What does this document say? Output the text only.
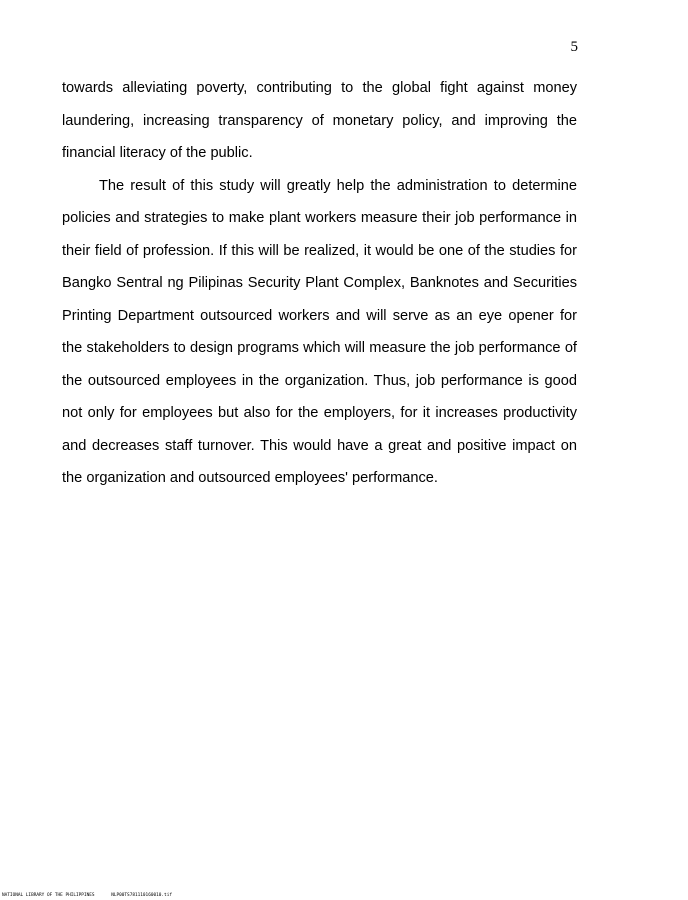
5

towards alleviating poverty, contributing to the global fight against money laundering, increasing transparency of monetary policy, and improving the financial literacy of the public.

The result of this study will greatly help the administration to determine policies and strategies to make plant workers measure their job performance in their field of profession. If this will be realized, it would be one of the studies for Bangko Sentral ng Pilipinas Security Plant Complex, Banknotes and Securities Printing Department outsourced workers and will serve as an eye opener for the stakeholders to design programs which will measure the job performance of the outsourced employees in the organization. Thus, job performance is good not only for employees but also for the employers, for it increases productivity and decreases staff turnover. This would have a great and positive impact on the organization and outsourced employees' performance.

NATIONAL LIBRARY OF THE PHILIPPINES	NLP00TS781110160010.tif
